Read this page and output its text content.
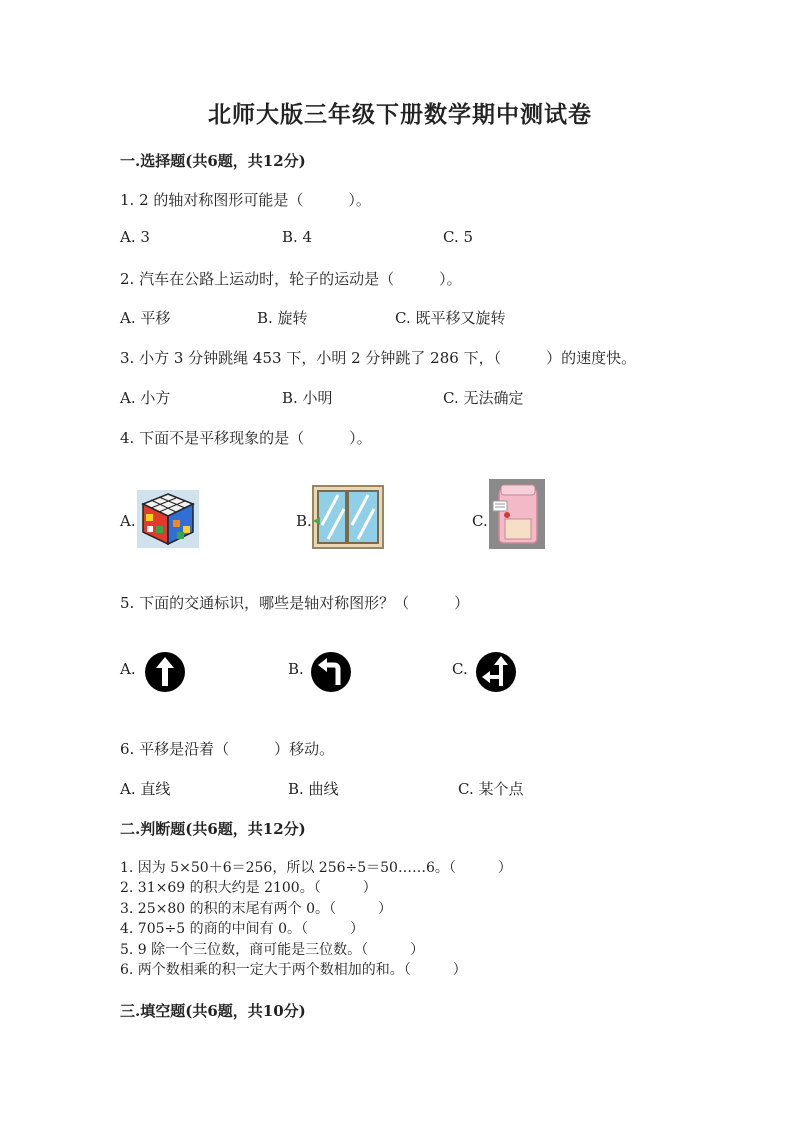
北师大版三年级下册数学期中测试卷
一.选择题(共6题，共12分)
1. 2 的轴对称图形可能是（　　　）。
A. 3	B. 4	C. 5
2. 汽车在公路上运动时，轮子的运动是（　　　）。
A. 平移	B. 旋转	C. 既平移又旋转
3. 小方 3 分钟跳绳 453 下，小明 2 分钟跳了 286 下，（　　　）的速度快。
A. 小方	B. 小明	C. 无法确定
4. 下面不是平移现象的是（　　　）。
A.	B.	C.
5. 下面的交通标识，哪些是轴对称图形？（　　　）
A.	B.	C.
6. 平移是沿着（　　　）移动。
A. 直线	B. 曲线	C. 某个点
二.判断题(共6题，共12分)
1. 因为 5×50＋6＝256，所以 256÷5＝50……6。（　　　）
2. 31×69 的积大约是 2100。（　　　）
3. 25×80 的积的末尾有两个 0。（　　　）
4. 705÷5 的商的中间有 0。（　　　）
5. 9 除一个三位数，商可能是三位数。（　　　）
6. 两个数相乘的积一定大于两个数相加的和。（　　　）
三.填空题(共6题，共10分)
